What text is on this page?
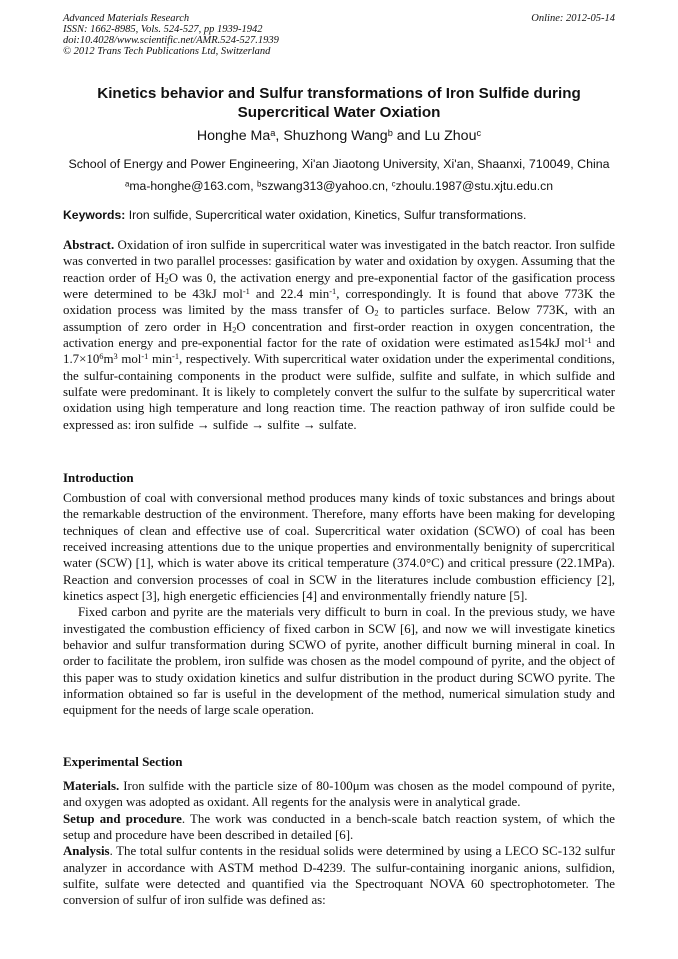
Advanced Materials Research
ISSN: 1662-8985, Vols. 524-527, pp 1939-1942
doi:10.4028/www.scientific.net/AMR.524-527.1939
© 2012 Trans Tech Publications Ltd, Switzerland
Online: 2012-05-14
Kinetics behavior and Sulfur transformations of Iron Sulfide during Supercritical Water Oxiation
Honghe Ma$^a$, Shuzhong Wang$^b$ and Lu Zhou$^c$
School of Energy and Power Engineering, Xi'an Jiaotong University, Xi'an, Shaanxi, 710049, China
$^a$ma-honghe@163.com, $^b$szwang313@yahoo.cn, $^c$zhoulu.1987@stu.xjtu.edu.cn
Keywords: Iron sulfide, Supercritical water oxidation, Kinetics, Sulfur transformations.
Abstract. Oxidation of iron sulfide in supercritical water was investigated in the batch reactor. Iron sulfide was converted in two parallel processes: gasification by water and oxidation by oxygen. Assuming that the reaction order of $H_2O$ was 0, the activation energy and pre-exponential factor of the gasification process were determined to be 43kJ mol$^{-1}$ and 22.4 $\min^{-1}$, correspondingly. It is found that above 773K the oxidation process was limited by the mass transfer of $O_2$ to particles surface. Below 773K, with an assumption of zero order in $H_2O$ concentration and first-order reaction in oxygen concentration, the activation energy and pre-exponential factor for the rate of oxidation were estimated as154kJ mol$^{-1}$ and $1.7\times 10^6m^3$ mol$^{-1}$ $\min^{-1}$, respectively. With supercritical water oxidation under the experimental conditions, the sulfur-containing components in the product were sulfide, sulfite and sulfate, in which sulfide and sulfate were predominant. It is likely to completely convert the sulfur to the sulfate by supercritical water oxidation using high temperature and long reaction time. The reaction pathway of iron sulfide could be expressed as: iron sulfide → sulfide → sulfite → sulfate.
Introduction
Combustion of coal with conversional method produces many kinds of toxic substances and brings about the remarkable destruction of the environment. Therefore, many efforts have been making for developing techniques of clean and effective use of coal. Supercritical water oxidation (SCWO) of coal has been received increasing attentions due to the unique properties and environmentally benignity of supercritical water (SCW) [1], which is water above its critical temperature (374.0°C) and critical pressure (22.1MPa). Reaction and conversion processes of coal in SCW in the literatures include combustion efficiency [2], kinetics aspect [3], high energetic efficiencies [4] and environmentally friendly nature [5].
Fixed carbon and pyrite are the materials very difficult to burn in coal. In the previous study, we have investigated the combustion efficiency of fixed carbon in SCW [6], and now we will investigate kinetics behavior and sulfur transformation during SCWO of pyrite, another difficult burning mineral in coal. In order to facilitate the problem, iron sulfide was chosen as the model compound of pyrite, and the object of this paper was to study oxidation kinetics and sulfur distribution in the product during SCWO pyrite. The information obtained so far is useful in the development of the method, numerical simulation study and equipment for the needs of large scale operation.
Experimental Section
Materials. Iron sulfide with the particle size of 80-100μm was chosen as the model compound of pyrite, and oxygen was adopted as oxidant. All regents for the analysis were in analytical grade.
Setup and procedure. The work was conducted in a bench-scale batch reaction system, of which the setup and procedure have been described in detailed [6].
Analysis. The total sulfur contents in the residual solids were determined by using a LECO SC-132 sulfur analyzer in accordance with ASTM method D-4239. The sulfur-containing inorganic anions, sulfidion, sulfite, sulfate were detected and quantified via the Spectroquant NOVA 60 spectrophotometer. The conversion of sulfur of iron sulfide was defined as:
